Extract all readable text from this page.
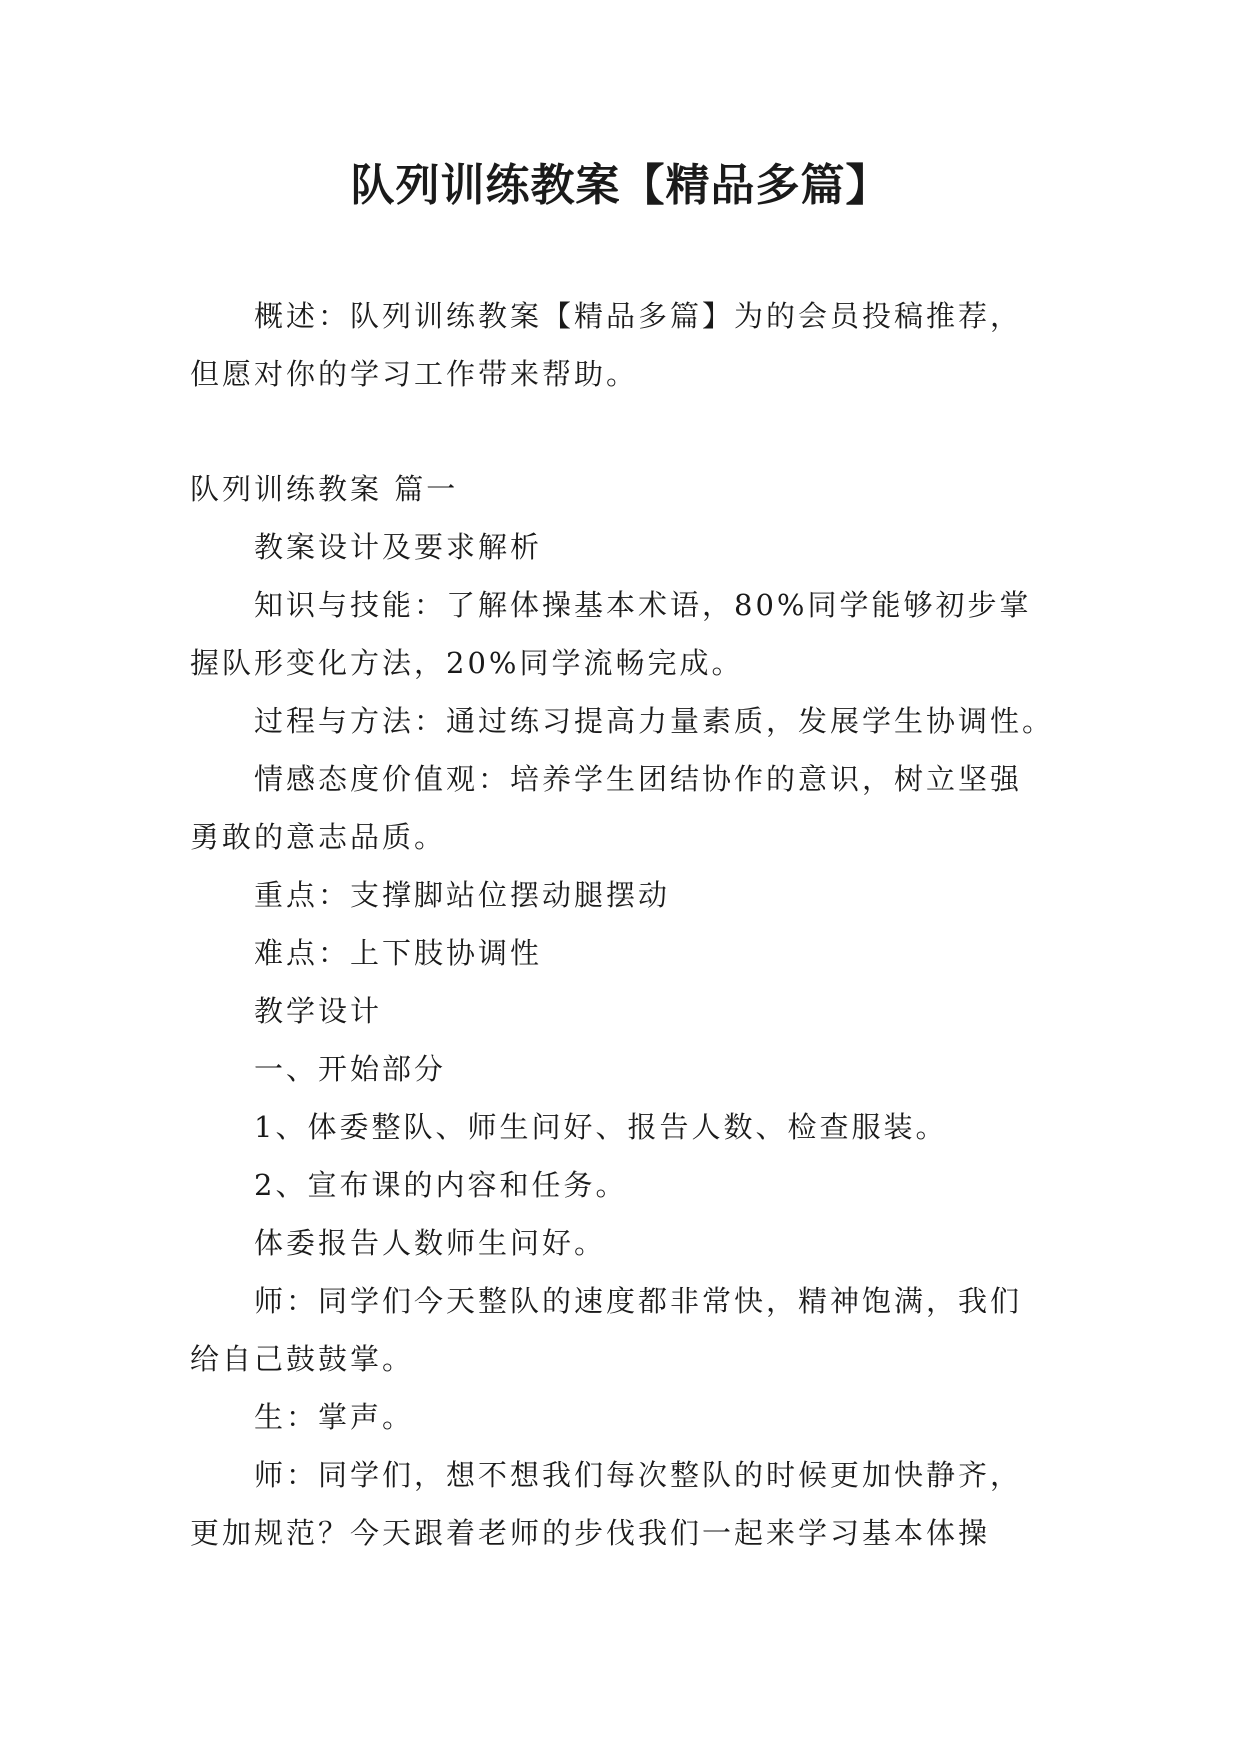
队列训练教案【精品多篇】

概述：队列训练教案【精品多篇】为的会员投稿推荐，

但愿对你的学习工作带来帮助。

队列训练教案 篇一

教案设计及要求解析

知识与技能：了解体操基本术语，80%同学能够初步掌

握队形变化方法，20%同学流畅完成。

过程与方法：通过练习提高力量素质，发展学生协调性。

情感态度价值观：培养学生团结协作的意识，树立坚强

勇敢的意志品质。

重点：支撑脚站位摆动腿摆动

难点：上下肢协调性

教学设计

一、开始部分

1、体委整队、师生问好、报告人数、检查服装。

2、宣布课的内容和任务。

体委报告人数师生问好。

师：同学们今天整队的速度都非常快，精神饱满，我们

给自己鼓鼓掌。

生：掌声。

师：同学们，想不想我们每次整队的时候更加快静齐，

更加规范？今天跟着老师的步伐我们一起来学习基本体操
